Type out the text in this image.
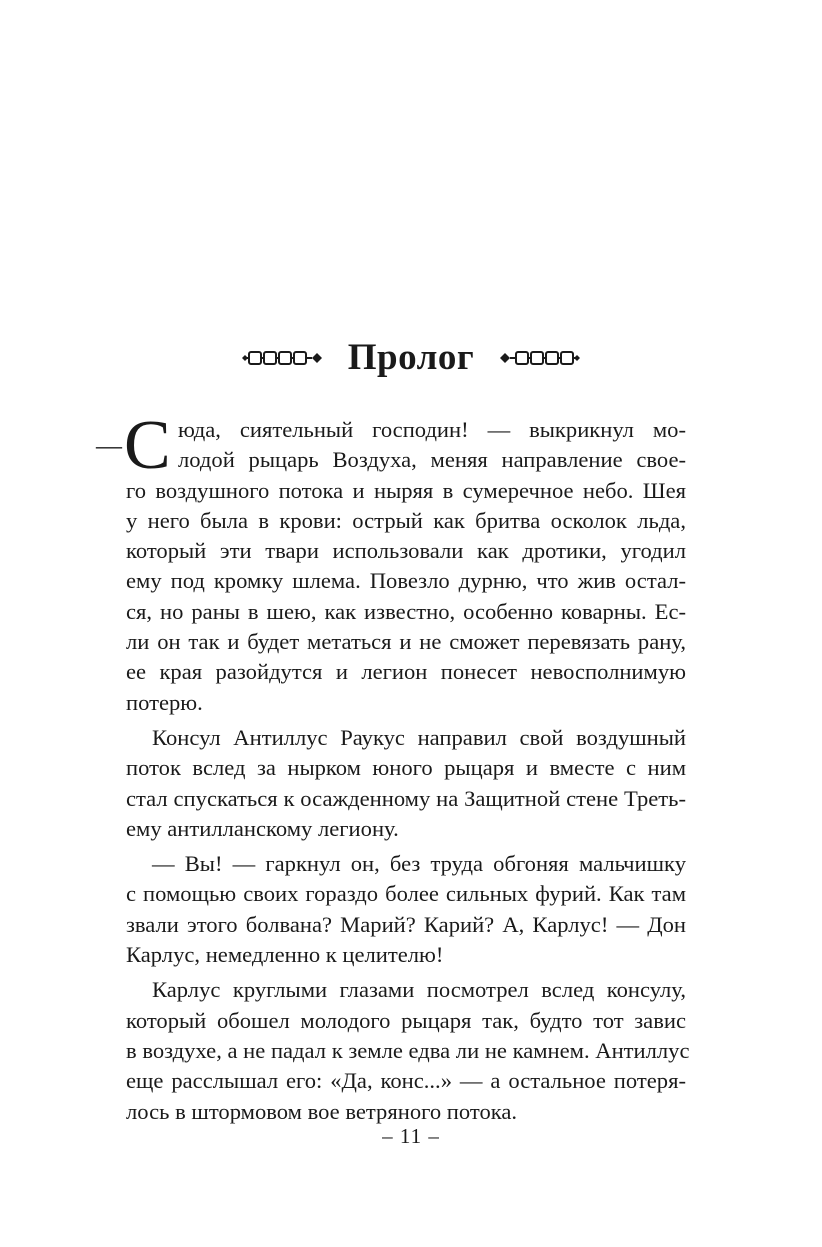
Пролог
— С юда, сиятельный господин! — выкрикнул мо-
лодой рыцарь Воздуха, меняя направление свое-
го воздушного потока и ныряя в сумеречное небо. Шея
у него была в крови: острый как бритва осколок льда,
который эти твари использовали как дротики, угодил
ему под кромку шлема. Повезло дурню, что жив остал-
ся, но раны в шею, как известно, особенно коварны. Ес-
ли он так и будет метаться и не сможет перевязать рану,
ее края разойдутся и легион понесет невосполнимую
потерю.
Консул Антиллус Раукус направил свой воздушный
поток вслед за нырком юного рыцаря и вместе с ним
стал спускаться к осажденному на Защитной стене Треть-
ему антилланскому легиону.
— Вы! — гаркнул он, без труда обгоняя мальчишку
с помощью своих гораздо более сильных фурий. Как там
звали этого болвана? Марий? Карий? А, Карлус! — Дон
Карлус, немедленно к целителю!
Карлус круглыми глазами посмотрел вслед консулу,
который обошел молодого рыцаря так, будто тот завис
в воздухе, а не падал к земле едва ли не камнем. Антиллус
еще расслышал его: «Да, конс...» — а остальное потеря-
лось в штормовом вое ветряного потока.
– 11 –
